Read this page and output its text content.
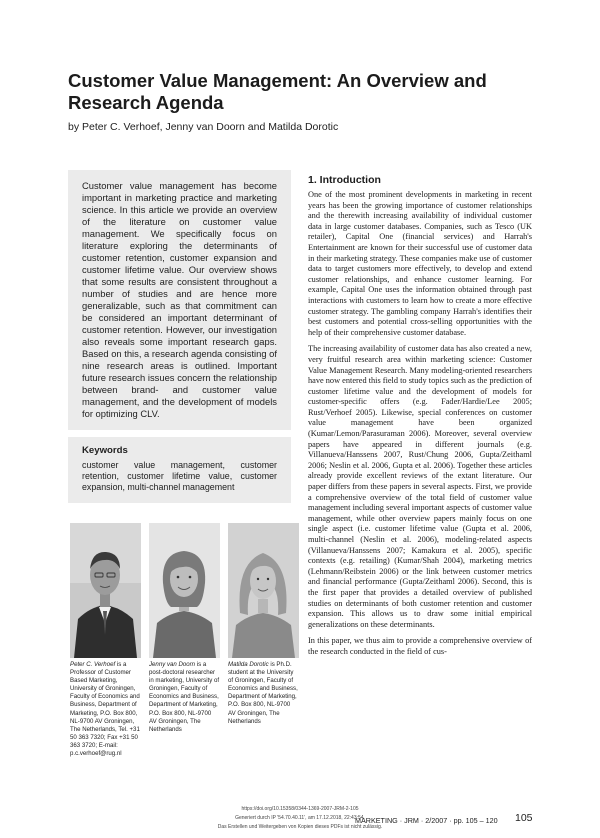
Customer Value Management: An Overview and Research Agenda
by Peter C. Verhoef, Jenny van Doorn and Matilda Dorotic

Customer value management has become important in marketing practice and marketing science. In this article we provide an overview of the literature on customer value management. We specifically focus on literature exploring the determinants of customer retention, customer expansion and customer lifetime value. Our overview shows that some results are consistent throughout a number of studies and are hence more generalizable, such as that commitment can be considered an important determinant of customer retention. However, our investigation also reveals some important research gaps. Based on this, a research agenda consisting of nine research areas is outlined. Important future research issues concern the relationship between brand- and customer value management, and the development of models for optimizing CLV.

Keywords

customer value management, customer retention, customer lifetime value, customer expansion, multi-channel management

Peter C. Verhoef is a Professor of Customer Based Marketing, University of Groningen, Faculty of Economics and Business, Department of Marketing, P.O. Box 800, NL-9700 AV Groningen, The Netherlands, Tel. +31 50 363 7320; Fax +31 50 363 3720; E-mail: p.c.verhoef@rug.nl
Jenny van Doorn is a post-doctoral researcher in marketing, University of Groningen, Faculty of Economics and Business, Department of Marketing, P.O. Box 800, NL-9700 AV Groningen, The Netherlands
Matilda Dorotic is Ph.D. student at the University of Groningen, Faculty of Economics and Business, Department of Marketing, P.O. Box 800, NL-9700 AV Groningen, The Netherlands
1. Introduction

One of the most prominent developments in marketing in recent years has been the growing importance of customer relationships and the therewith increasing availability of individual customer data in large customer databases. Companies, such as Tesco (UK retailer), Capital One (financial services) and Harrah's Entertainment are known for their successful use of customer data in their marketing strategy. These companies make use of customer data to target customers more effectively, to develop and extend customer relationships, and enhance customer learning. For example, Capital One uses the information obtained through past interactions with customers to learn how to create a more effective customer strategy. The gambling company Harrah's identifies their best customers and potential cross-selling opportunities with the help of their comprehensive customer database.

The increasing availability of customer data has also created a new, very fruitful research area within marketing science: Customer Value Management Research. Many modeling-oriented researchers have now entered this field to study topics such as the prediction of customer lifetime value and the development of models for customer-specific offers (e.g. Fader/Hardie/Lee 2005; Rust/Verhoef 2005). Likewise, special conferences on customer value management have been organized (Kumar/Lemon/Parasuraman 2006). Moreover, several overview papers have appeared in different journals (e.g. Villanueva/Hanssens 2007, Rust/Chung 2006, Gupta/Zeithaml 2006; Neslin et al. 2006, Gupta et al. 2006). Together these articles already provide excellent reviews of the extant literature. Our paper differs from these papers in several aspects. First, we provide a comprehensive overview of the total field of customer value management including several important aspects of customer value management, while other overview papers mainly focus on one single aspect (i.e. customer lifetime value (Gupta et al. 2006, multi-channel (Neslin et al. 2006), modeling-related aspects (Villanueva/Hanssens 2007; Kamakura et al. 2005), specific contexts (e.g. retailing) (Kumar/Shah 2004), marketing metrics (Lehmann/Reibstein 2006) or the link between customer metrics and financial performance (Gupta/Zeithaml 2006). Second, this is the first paper that provides a detailed overview of published studies on determinants of both customer retention and customer expansion. This allows us to draw some initial empirical generalizations on these determinants.

In this paper, we thus aim to provide a comprehensive overview of the research conducted in the field of cus-

MARKETING · JRM · 2/2007 · pp. 105 – 120 105
https://doi.org/10.15358/0344-1369-2007-JRM-2-105
Generiert durch IP '54.70.40.11', am 17.12.2018, 22:43:54.
Das Erstellen und Weitergeben von Kopien dieses PDFs ist nicht zulässig.
